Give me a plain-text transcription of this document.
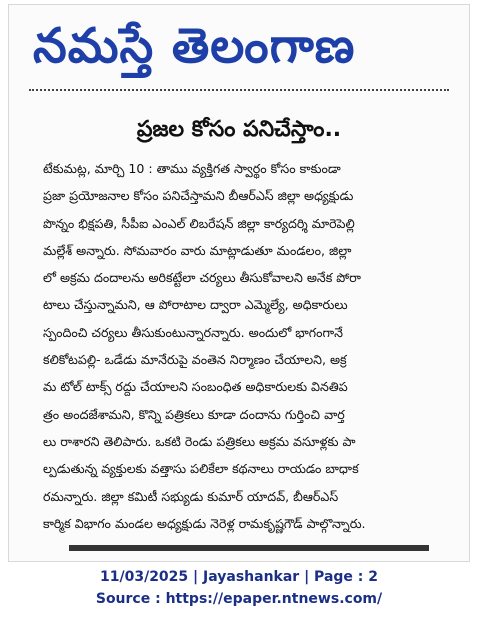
నమస్తే తెలంగాణ
ప్రజల కోసం పనిచేస్తాం..
టేకుమట్ల, మార్చి 10 : తాము వ్యక్తిగత స్వార్థం కోసం కాకుండా
ప్రజా ప్రయోజనాల కోసం పనిచేస్తామని బీఆర్ఎస్ జిల్లా అధ్యక్షుడు
పొన్నం భిక్షపతి, సీపీఐ ఎంఎల్ లిబరేషన్ జిల్లా కార్యదర్శి మారెపెల్లి
మల్లేశ్ అన్నారు. సోమవారం వారు మాట్లాడుతూ మండలం, జిల్లా
లో అక్రమ దందాలను అరికట్టేలా చర్యలు తీసుకోవాలని అనేక పోరా
టాలు చేస్తున్నామని, ఆ పోరాటాల ద్వారా ఎమ్మెల్యే, అధికారులు
స్పందించి చర్యలు తీసుకుంటున్నారన్నారు. అందులో భాగంగానే
కలికోటపల్లి- ఒడేడు మానేరుపై వంతెన నిర్మాణం చేయాలని, అక్ర
మ టోల్ టాక్స్ రద్దు చేయాలని సంబంధిత అధికారులకు వినతిప
త్రం అందజేశామని, కొన్ని పత్రికలు కూడా దందాను గుర్తించి వార్త
లు రాశారని తెలిపారు. ఒకటి రెండు పత్రికలు అక్రమ వసూళ్లకు పా
ల్పడుతున్న వ్యక్తులకు వత్తాసు పలికేలా కథనాలు రాయడం బాధాక
రమన్నారు. జిల్లా కమిటీ సభ్యుడు కుమార్ యాదవ్, బీఆర్ఎస్
కార్మిక విభాగం మండల అధ్యక్షుడు నెరెళ్ల రామకృష్ణగౌడ్ పాల్గొన్నారు.
11/03/2025 | Jayashankar | Page : 2
Source : https://epaper.ntnews.com/
